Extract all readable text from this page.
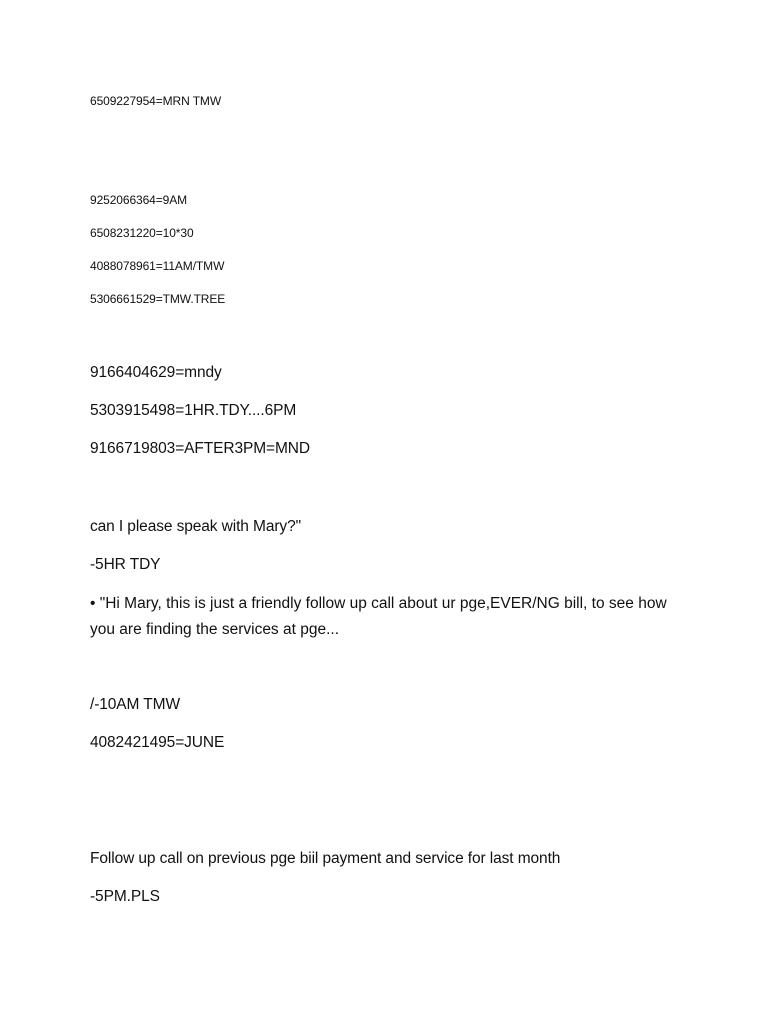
6509227954=MRN TMW
9252066364=9AM
6508231220=10*30
4088078961=11AM/TMW
5306661529=TMW.TREE
9166404629=mndy
5303915498=1HR.TDY....6PM
9166719803=AFTER3PM=MND
can I please speak with Mary?"
-5HR TDY
• "Hi Mary, this is just a friendly follow up call about ur pge,EVER/NG bill, to see how you are finding the services at pge...
/-10AM TMW
4082421495=JUNE
Follow up call on previous pge biil payment and service for last month
-5PM.PLS
